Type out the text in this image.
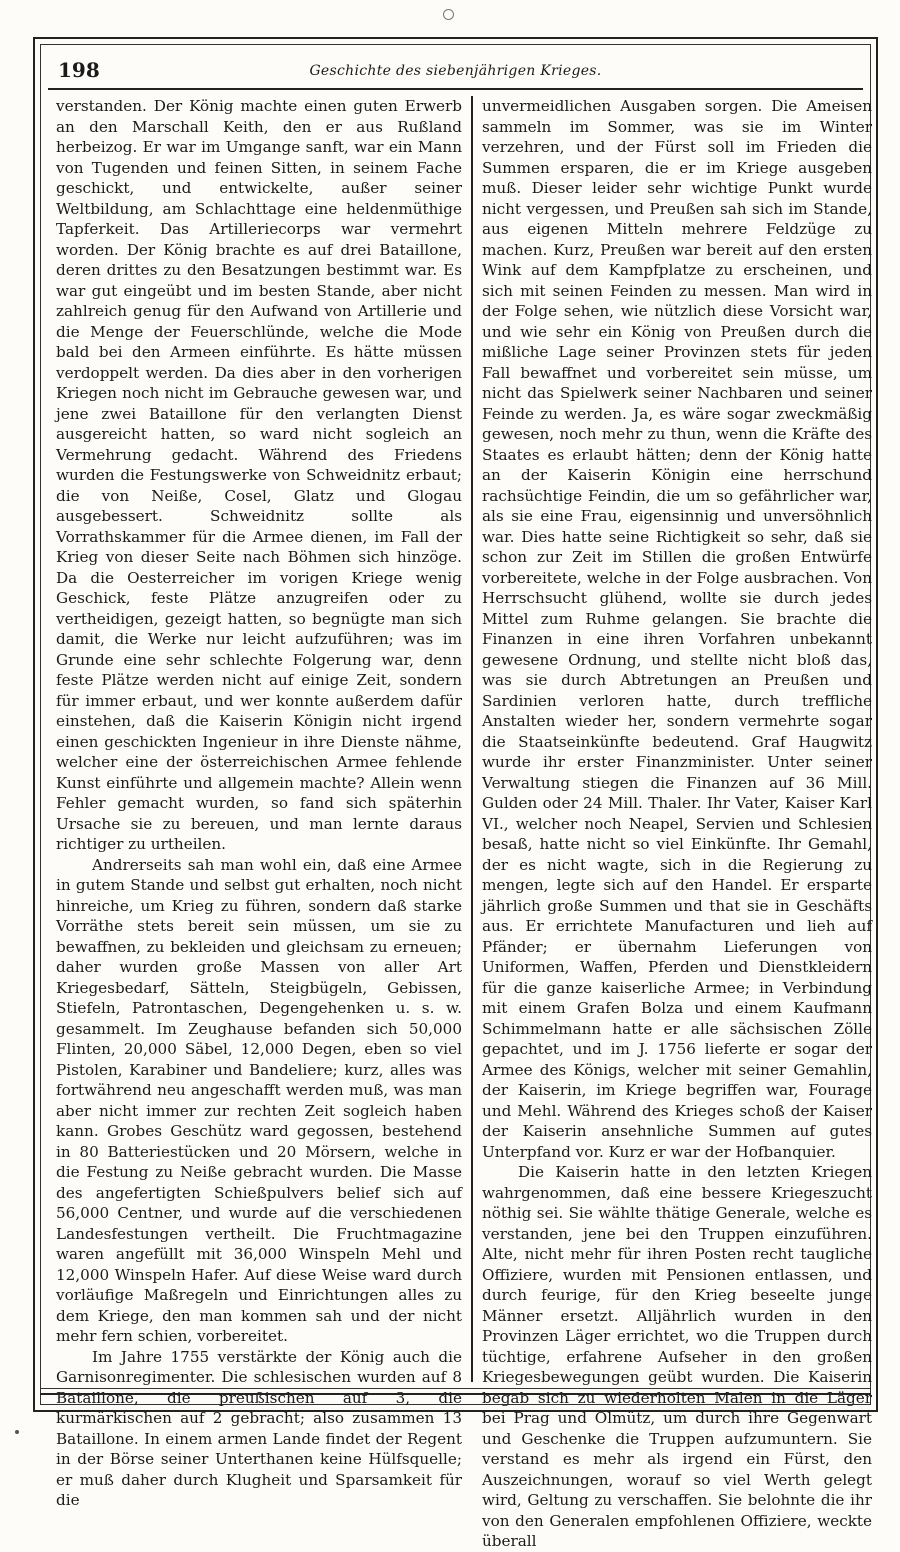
198	Geschichte des siebenjährigen Krieges.

verstanden. Der König machte einen guten Erwerb an den Marschall Keith, den er aus Rußland herbeizog. Er war im Umgange sanft, war ein Mann von Tugenden und feinen Sitten, in seinem Fache geschickt, und entwickelte, außer seiner Weltbildung, am Schlachttage eine heldenmüthige Tapferkeit. Das Artilleriecorps war vermehrt worden. Der König brachte es auf drei Bataillone, deren drittes zu den Besatzungen bestimmt war. Es war gut eingeübt und im besten Stande, aber nicht zahlreich genug für den Aufwand von Artillerie und die Menge der Feuerschlünde, welche die Mode bald bei den Armeen einführte. Es hätte müssen verdoppelt werden. Da dies aber in den vorherigen Kriegen noch nicht im Gebrauche gewesen war, und jene zwei Bataillone für den verlangten Dienst ausgereicht hatten, so ward nicht sogleich an Vermehrung gedacht. Während des Friedens wurden die Festungswerke von Schweidnitz erbaut; die von Neiße, Cosel, Glatz und Glogau ausgebessert. Schweidnitz sollte als Vorrathskammer für die Armee dienen, im Fall der Krieg von dieser Seite nach Böhmen sich hinzöge. Da die Oesterreicher im vorigen Kriege wenig Geschick, feste Plätze anzugreifen oder zu vertheidigen, gezeigt hatten, so begnügte man sich damit, die Werke nur leicht aufzuführen; was im Grunde eine sehr schlechte Folgerung war, denn feste Plätze werden nicht auf einige Zeit, sondern für immer erbaut, und wer konnte außerdem dafür einstehen, daß die Kaiserin Königin nicht irgend einen geschickten Ingenieur in ihre Dienste nähme, welcher eine der österreichischen Armee fehlende Kunst einführte und allgemein machte? Allein wenn Fehler gemacht wurden, so fand sich späterhin Ursache sie zu bereuen, und man lernte daraus richtiger zu urtheilen.

Andrerseits sah man wohl ein, daß eine Armee in gutem Stande und selbst gut erhalten, noch nicht hinreiche, um Krieg zu führen, sondern daß starke Vorräthe stets bereit sein müssen, um sie zu bewaffnen, zu bekleiden und gleichsam zu erneuen; daher wurden große Massen von aller Art Kriegesbedarf, Sätteln, Steigbügeln, Gebissen, Stiefeln, Patrontaschen, Degengehenken u. s. w. gesammelt. Im Zeughause befanden sich 50,000 Flinten, 20,000 Säbel, 12,000 Degen, eben so viel Pistolen, Karabiner und Bandeliere; kurz, alles was fortwährend neu angeschafft werden muß, was man aber nicht immer zur rechten Zeit sogleich haben kann. Grobes Geschütz ward gegossen, bestehend in 80 Batteriestücken und 20 Mörsern, welche in die Festung zu Neiße gebracht wurden. Die Masse des angefertigten Schießpulvers belief sich auf 56,000 Centner, und wurde auf die verschiedenen Landesfestungen vertheilt. Die Fruchtmagazine waren angefüllt mit 36,000 Winspeln Mehl und 12,000 Winspeln Hafer. Auf diese Weise ward durch vorläufige Maßregeln und Einrichtungen alles zu dem Kriege, den man kommen sah und der nicht mehr fern schien, vorbereitet.

Im Jahre 1755 verstärkte der König auch die Garnisonregimenter. Die schlesischen wurden auf 8 Bataillone, die preußischen auf 3, die kurmärkischen auf 2 gebracht; also zusammen 13 Bataillone. In einem armen Lande findet der Regent in der Börse seiner Unterthanen keine Hülfsquelle; er muß daher durch Klugheit und Sparsamkeit für die

unvermeidlichen Ausgaben sorgen. Die Ameisen sammeln im Sommer, was sie im Winter verzehren, und der Fürst soll im Frieden die Summen ersparen, die er im Kriege ausgeben muß. Dieser leider sehr wichtige Punkt wurde nicht vergessen, und Preußen sah sich im Stande, aus eigenen Mitteln mehrere Feldzüge zu machen. Kurz, Preußen war bereit auf den ersten Wink auf dem Kampfplatze zu erscheinen, und sich mit seinen Feinden zu messen. Man wird in der Folge sehen, wie nützlich diese Vorsicht war, und wie sehr ein König von Preußen durch die mißliche Lage seiner Provinzen stets für jeden Fall bewaffnet und vorbereitet sein müsse, um nicht das Spielwerk seiner Nachbaren und seiner Feinde zu werden. Ja, es wäre sogar zweckmäßig gewesen, noch mehr zu thun, wenn die Kräfte des Staates es erlaubt hätten; denn der König hatte an der Kaiserin Königin eine herrschund rachsüchtige Feindin, die um so gefährlicher war, als sie eine Frau, eigensinnig und unversöhnlich war. Dies hatte seine Richtigkeit so sehr, daß sie schon zur Zeit im Stillen die großen Entwürfe vorbereitete, welche in der Folge ausbrachen. Von Herrschsucht glühend, wollte sie durch jedes Mittel zum Ruhme gelangen. Sie brachte die Finanzen in eine ihren Vorfahren unbekannt gewesene Ordnung, und stellte nicht bloß das, was sie durch Abtretungen an Preußen und Sardinien verloren hatte, durch treffliche Anstalten wieder her, sondern vermehrte sogar die Staatseinkünfte bedeutend. Graf Haugwitz wurde ihr erster Finanzminister. Unter seiner Verwaltung stiegen die Finanzen auf 36 Mill. Gulden oder 24 Mill. Thaler. Ihr Vater, Kaiser Karl VI., welcher noch Neapel, Servien und Schlesien besaß, hatte nicht so viel Einkünfte. Ihr Gemahl, der es nicht wagte, sich in die Regierung zu mengen, legte sich auf den Handel. Er ersparte jährlich große Summen und that sie in Geschäfts aus. Er errichtete Manufacturen und lieh auf Pfänder; er übernahm Lieferungen von Uniformen, Waffen, Pferden und Dienstkleidern für die ganze kaiserliche Armee; in Verbindung mit einem Grafen Bolza und einem Kaufmann Schimmelmann hatte er alle sächsischen Zölle gepachtet, und im J. 1756 lieferte er sogar der Armee des Königs, welcher mit seiner Gemahlin, der Kaiserin, im Kriege begriffen war, Fourage und Mehl. Während des Krieges schoß der Kaiser der Kaiserin ansehnliche Summen auf gutes Unterpfand vor. Kurz er war der Hofbanquier.

Die Kaiserin hatte in den letzten Kriegen wahrgenommen, daß eine bessere Kriegeszucht nöthig sei. Sie wählte thätige Generale, welche es verstanden, jene bei den Truppen einzuführen. Alte, nicht mehr für ihren Posten recht taugliche Offiziere, wurden mit Pensionen entlassen, und durch feurige, für den Krieg beseelte junge Männer ersetzt. Alljährlich wurden in den Provinzen Läger errichtet, wo die Truppen durch tüchtige, erfahrene Aufseher in den großen Kriegesbewegungen geübt wurden. Die Kaiserin begab sich zu wiederholten Malen in die Läger bei Prag und Olmütz, um durch ihre Gegenwart und Geschenke die Truppen aufzumuntern. Sie verstand es mehr als irgend ein Fürst, den Auszeichnungen, worauf so viel Werth gelegt wird, Geltung zu verschaffen. Sie belohnte die ihr von den Generalen empfohlenen Offiziere, weckte überall
